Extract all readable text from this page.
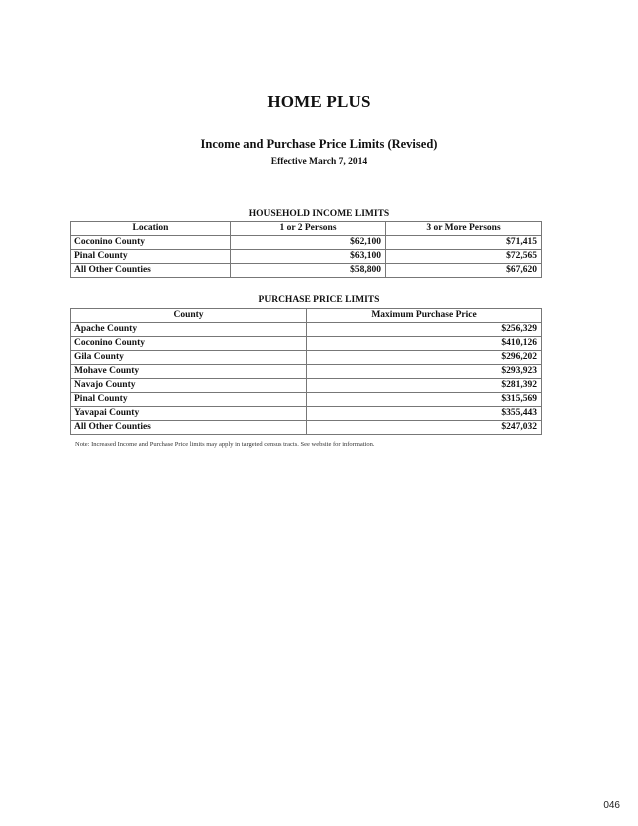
HOME PLUS
Income and Purchase Price Limits (Revised)
Effective March 7, 2014
HOUSEHOLD INCOME LIMITS
Location	1 or 2 Persons	3 or More Persons
Coconino County	$62,100	$71,415
Pinal County	$63,100	$72,565
All Other Counties	$58,800	$67,620
PURCHASE PRICE LIMITS
County	Maximum Purchase Price
Apache County	$256,329
Coconino County	$410,126
Gila County	$296,202
Mohave County	$293,923
Navajo County	$281,392
Pinal County	$315,569
Yavapai County	$355,443
All Other Counties	$247,032
Note: Increased Income and Purchase Price limits may apply in targeted census tracts. See website for information.
046
